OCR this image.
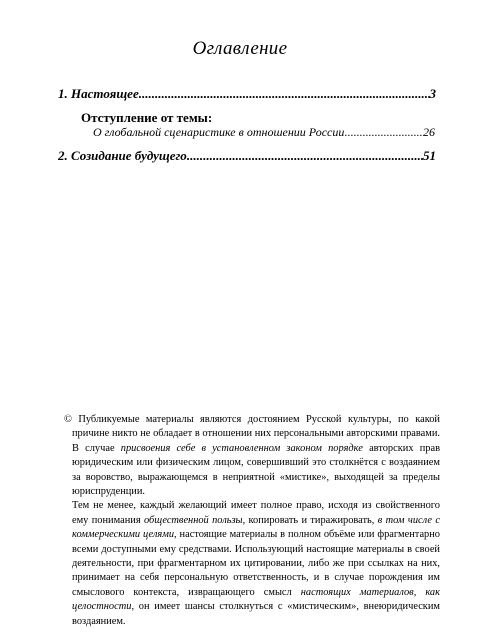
Оглавление
1. Настоящее .....	3
Отступление от темы:
О глобальной сценаристике в отношении России .....	26
2. Созидание будущего .....	51

© Публикуемые материалы являются достоянием Русской культуры, по какой причине никто не обладает в отношении них персональными авторскими правами. В случае присвоения себе в установленном законом порядке авторских прав юридическим или физическим лицом, совершивший это столкнётся с воздаянием за воровство, выражающемся в неприятной «мистике», выходящей за пределы юриспруденции.

Тем не менее, каждый желающий имеет полное право, исходя из свойственного ему понимания общественной пользы, копировать и тиражировать, в том числе с коммерческими целями, настоящие материалы в полном объёме или фрагментарно всеми доступными ему средствами. Использующий настоящие материалы в своей деятельности, при фрагментарном их цитировании, либо же при ссылках на них, принимает на себя персональную ответственность, и в случае порождения им смыслового контекста, извращающего смысл настоящих материалов, как целостности, он имеет шансы столкнуться с «мистическим», внеюридическим воздаянием.
